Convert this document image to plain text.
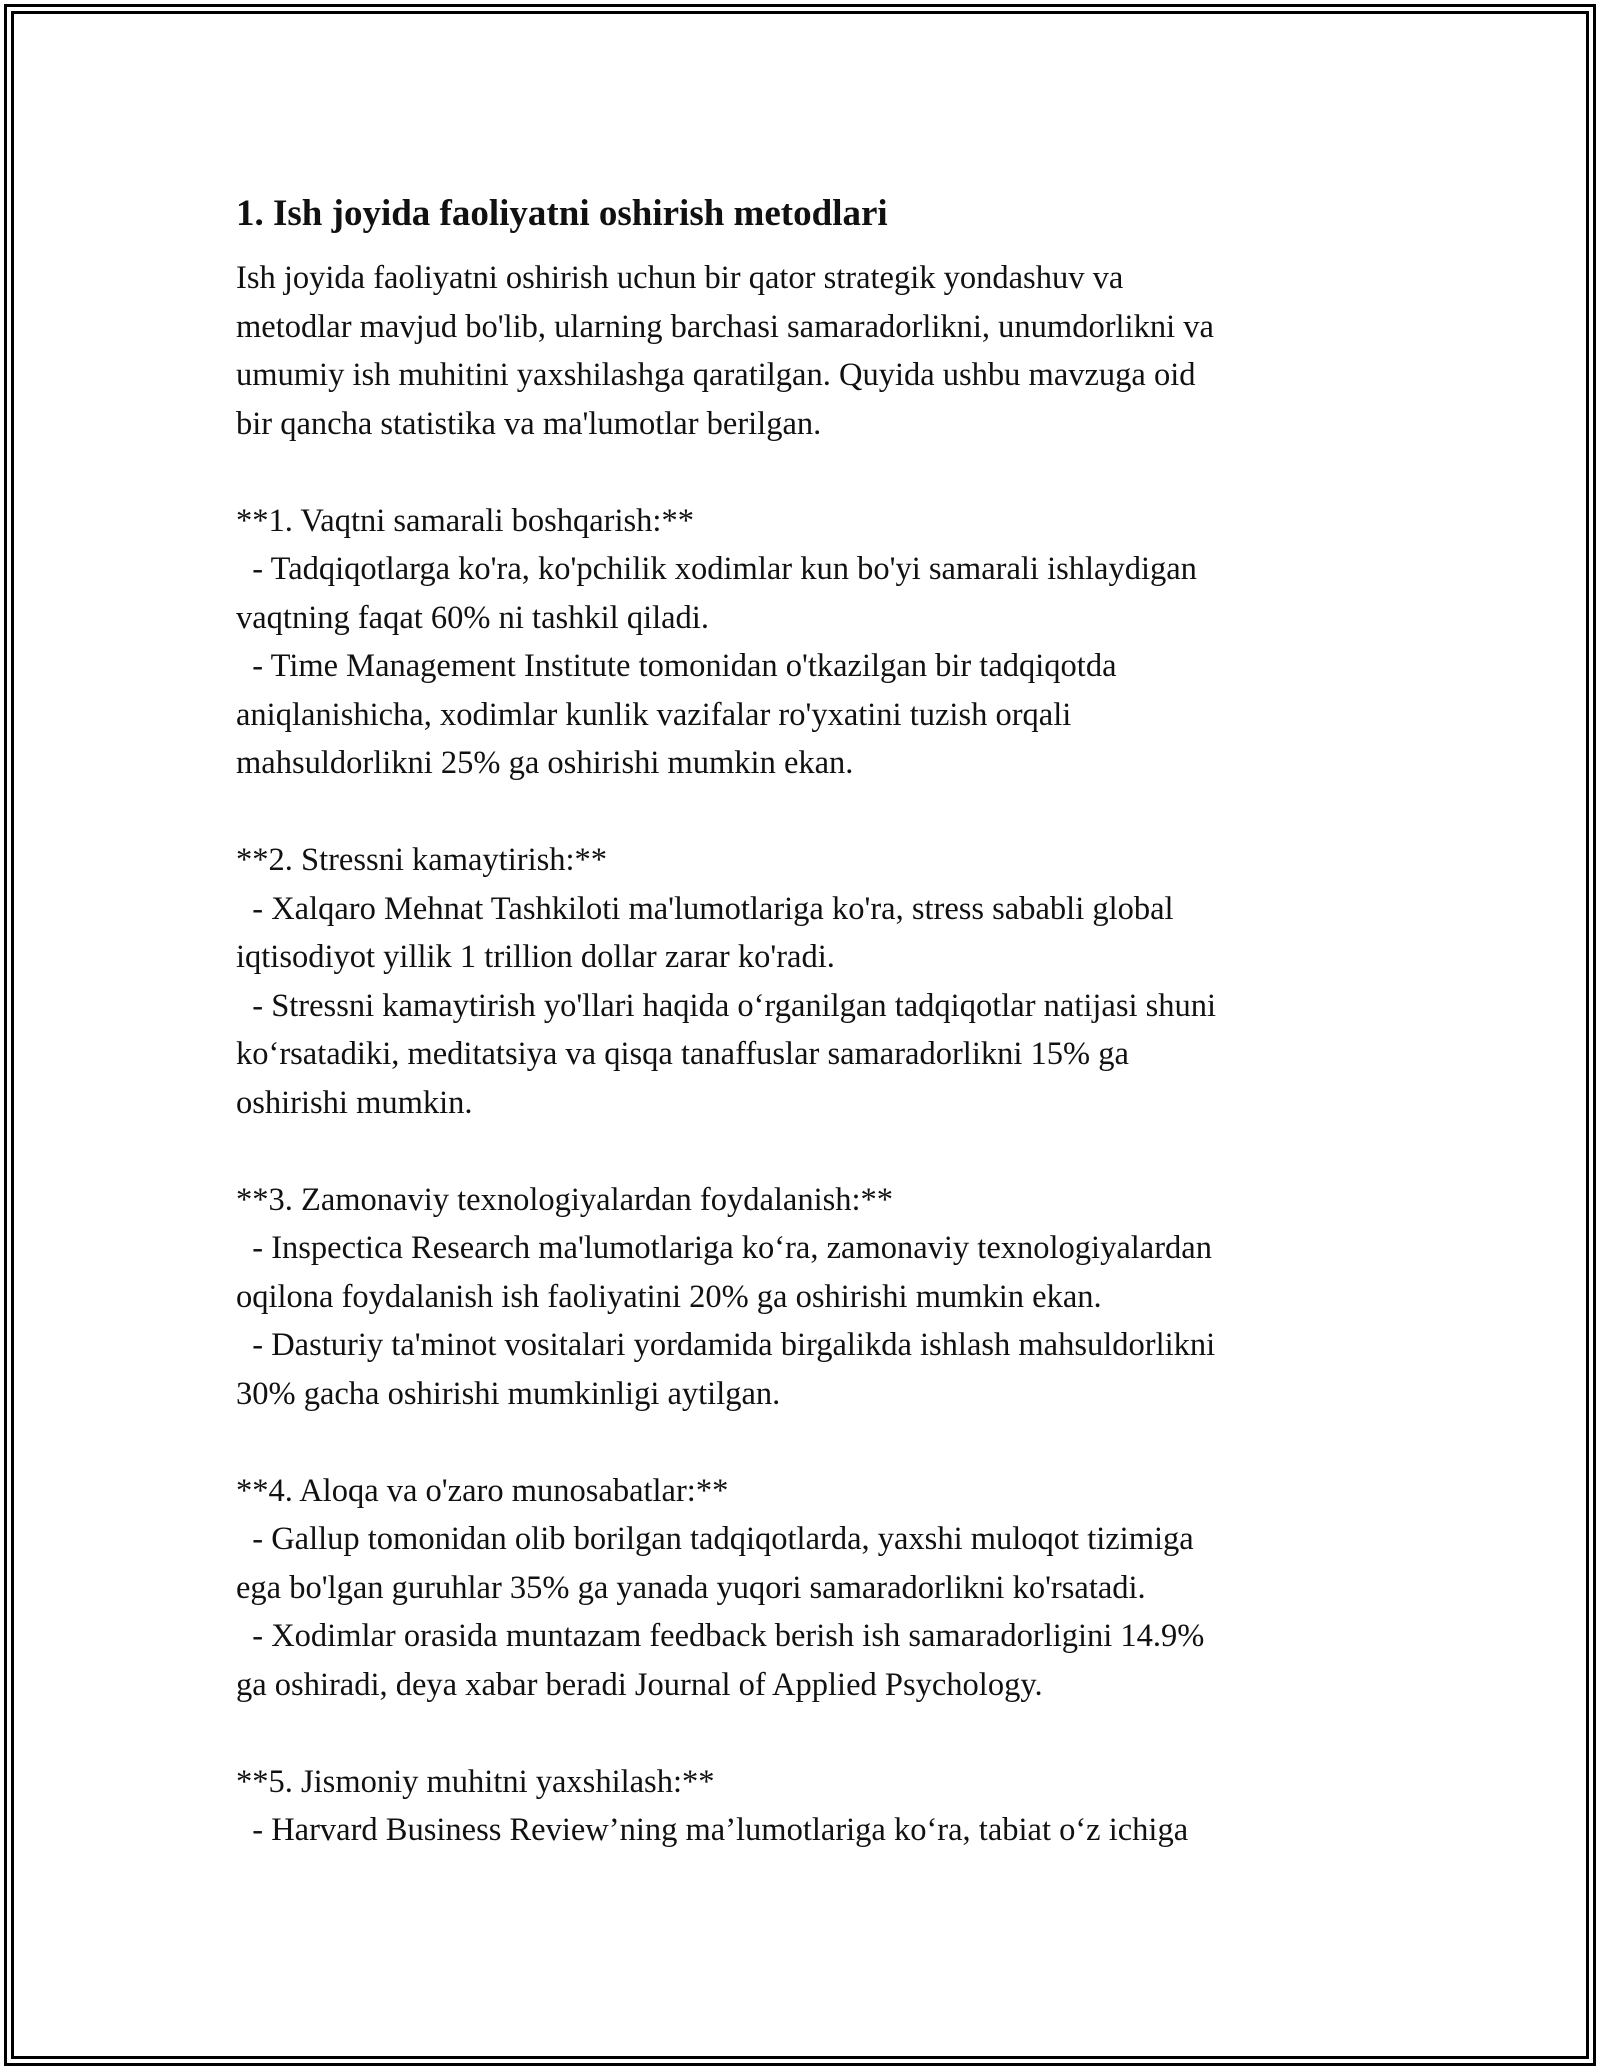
1. Ish joyida faoliyatni oshirish metodlari

Ish joyida faoliyatni oshirish uchun bir qator strategik yondashuv va

metodlar mavjud bo'lib, ularning barchasi samaradorlikni, unumdorlikni va

umumiy ish muhitini yaxshilashga qaratilgan. Quyida ushbu mavzuga oid

bir qancha statistika va ma'lumotlar berilgan.

**1. Vaqtni samarali boshqarish:**

- Tadqiqotlarga ko'ra, ko'pchilik xodimlar kun bo'yi samarali ishlaydigan

vaqtning faqat 60% ni tashkil qiladi.

- Time Management Institute tomonidan o'tkazilgan bir tadqiqotda

aniqlanishicha, xodimlar kunlik vazifalar ro'yxatini tuzish orqali

mahsuldorlikni 25% ga oshirishi mumkin ekan.

**2. Stressni kamaytirish:**

- Xalqaro Mehnat Tashkiloti ma'lumotlariga ko'ra, stress sababli global

iqtisodiyot yillik 1 trillion dollar zarar ko'radi.

- Stressni kamaytirish yo'llari haqida o‘rganilgan tadqiqotlar natijasi shuni

ko‘rsatadiki, meditatsiya va qisqa tanaffuslar samaradorlikni 15% ga

oshirishi mumkin.

**3. Zamonaviy texnologiyalardan foydalanish:**

- Inspectica Research ma'lumotlariga ko‘ra, zamonaviy texnologiyalardan

oqilona foydalanish ish faoliyatini 20% ga oshirishi mumkin ekan.

- Dasturiy ta'minot vositalari yordamida birgalikda ishlash mahsuldorlikni

30% gacha oshirishi mumkinligi aytilgan.

**4. Aloqa va o'zaro munosabatlar:**

- Gallup tomonidan olib borilgan tadqiqotlarda, yaxshi muloqot tizimiga

ega bo'lgan guruhlar 35% ga yanada yuqori samaradorlikni ko'rsatadi.

- Xodimlar orasida muntazam feedback berish ish samaradorligini 14.9%

ga oshiradi, deya xabar beradi Journal of Applied Psychology.

**5. Jismoniy muhitni yaxshilash:**

- Harvard Business Review’ning ma’lumotlariga ko‘ra, tabiat o‘z ichiga
